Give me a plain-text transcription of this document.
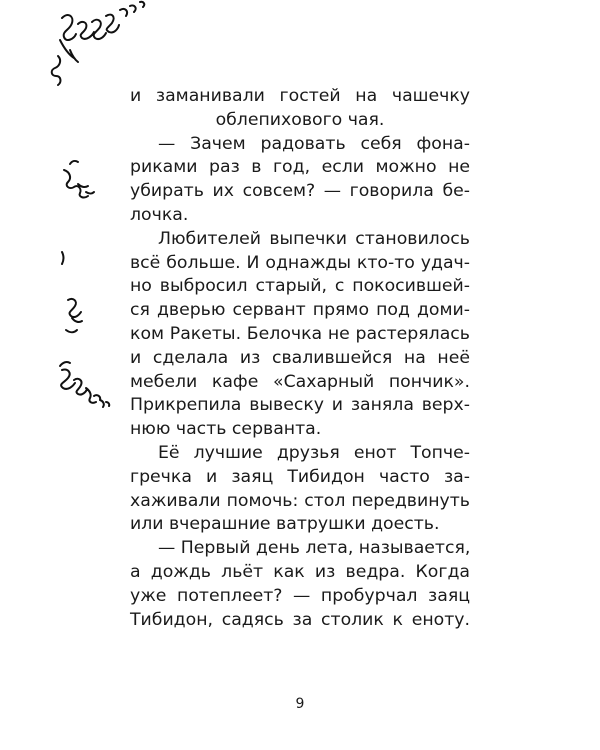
и заманивали гостей на чашечку
облепихового чая.
— Зачем радовать себя фона-
риками раз в год, если можно не
убирать их совсем? — говорила бе-
лочка.
Любителей выпечки становилось
всё больше. И однажды кто-то удач-
но выбросил старый, с покосившей-
ся дверью сервант прямо под доми-
ком Ракеты. Белочка не растерялась
и сделала из свалившейся на неё
мебели кафе «Сахарный пончик».
Прикрепила вывеску и заняла верх-
нюю часть серванта.
Её лучшие друзья енот Топче-
гречка и заяц Тибидон часто за-
хаживали помочь: стол передвинуть
или вчерашние ватрушки доесть.
— Первый день лета, называется,
а дождь льёт как из ведра. Когда
уже потеплеет? — пробурчал заяц
Тибидон, садясь за столик к еноту.
9
